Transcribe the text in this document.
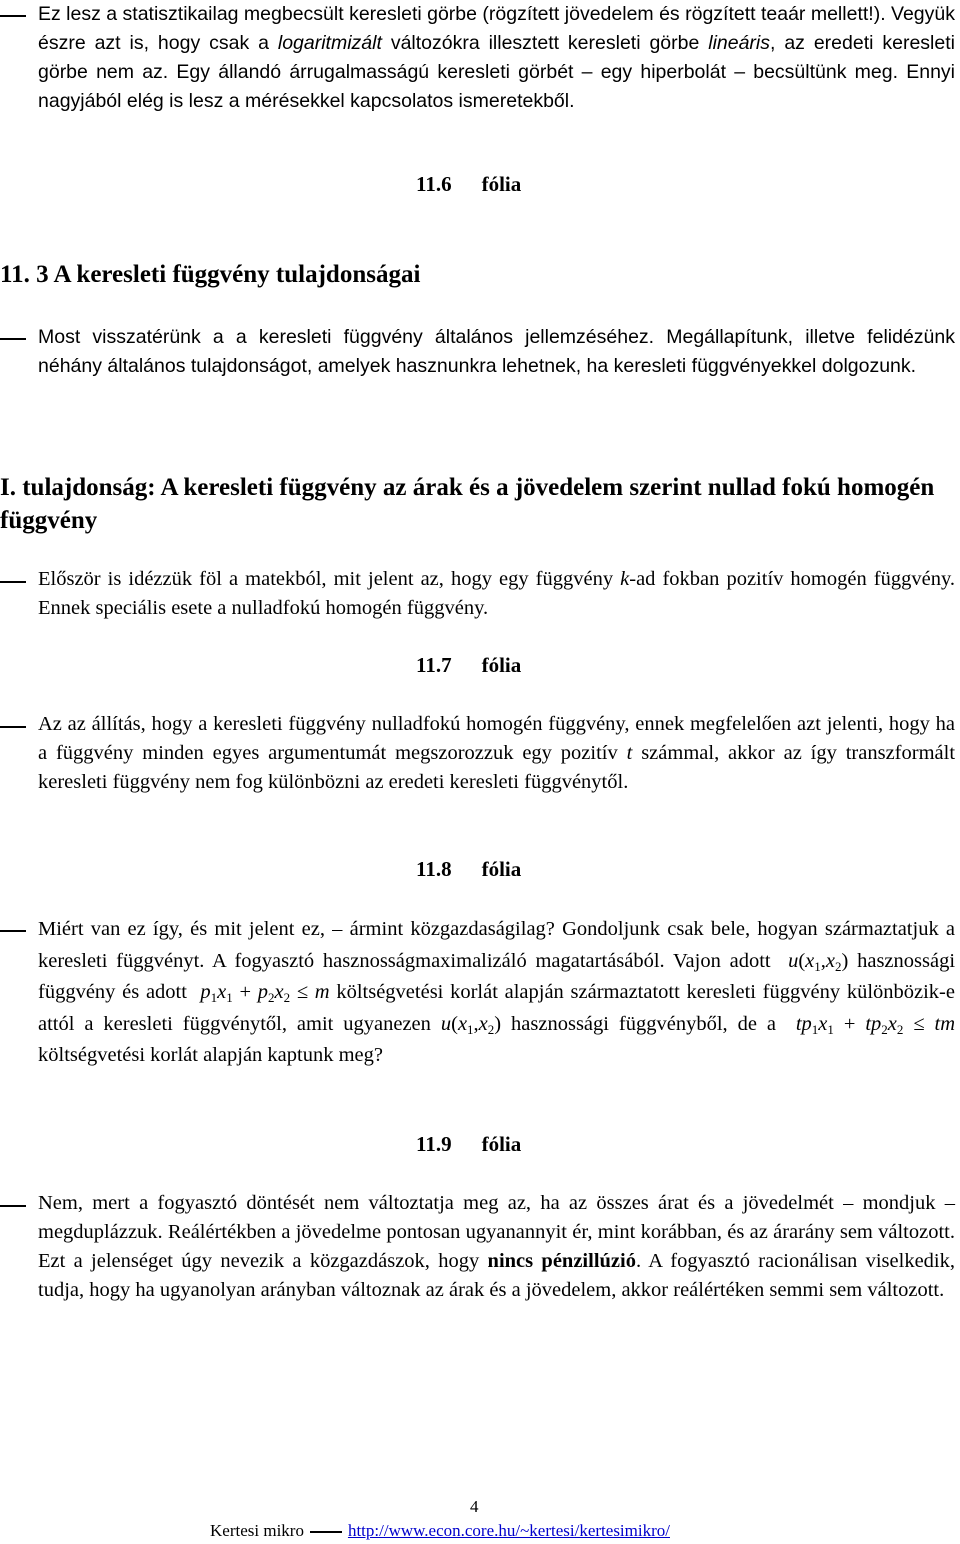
Ez lesz a statisztikailag megbecsült keresleti görbe (rögzített jövedelem és rögzített teaár mellett!). Vegyük észre azt is, hogy csak a logaritmizált változókra illesztett keresleti görbe lineáris, az eredeti keresleti görbe nem az. Egy állandó árrugalmasságú keresleti görbét – egy hiperbolát – becsültünk meg. Ennyi nagyjából elég is lesz a mérésekkel kapcsolatos ismeretekből.
11.6 fólia
11. 3 A keresleti függvény tulajdonságai
Most visszatérünk a a keresleti függvény általános jellemzéséhez. Megállapítunk, illetve felidézünk néhány általános tulajdonságot, amelyek hasznunkra lehetnek, ha keresleti függvényekkel dolgozunk.
I. tulajdonság: A keresleti függvény az árak és a jövedelem szerint nullad fokú homogén függvény
Először is idézzük föl a matekból, mit jelent az, hogy egy függvény k-ad fokban pozitív homogén függvény. Ennek speciális esete a nulladfokú homogén függvény.
11.7 fólia
Az az állítás, hogy a keresleti függvény nulladfokú homogén függvény, ennek megfelelően azt jelenti, hogy ha a függvény minden egyes argumentumát megszorozzuk egy pozitív t számmal, akkor az így transzformált keresleti függvény nem fog különbözni az eredeti keresleti függvénytől.
11.8 fólia
Miért van ez így, és mit jelent ez, – ármint közgazdaságilag? Gondoljunk csak bele, hogyan származtatjuk a keresleti függvényt. A fogyasztó hasznosságmaximalizáló magatartásából. Vajon adott $u(x_1,x_2)$ hasznossági függvény és adott $p_1x_1 + p_2x_2 \le m$ költségvetési korlát alapján származtatott keresleti függvény különbözik-e attól a keresleti függvénytől, amit ugyanezen $u(x_1,x_2)$ hasznossági függvényből, de a $tp_1x_1 + tp_2x_2$ ≤ tm költségvetési korlát alapján kaptunk meg?
11.9 fólia
Nem, mert a fogyasztó döntését nem változtatja meg az, ha az összes árat és a jövedelmét – mondjuk – megduplázzuk. Reálértékben a jövedelme pontosan ugyanannyit ér, mint korábban, és az árarány sem változott. Ezt a jelenséget úgy nevezik a közgazdászok, hogy nincs pénzillúzió. A fogyasztó racionálisan viselkedik, tudja, hogy ha ugyanolyan arányban változnak az árak és a jövedelem, akkor reálértéken semmi sem változott.
4
Kertesi mikro	http://www.econ.core.hu/~kertesi/kertesimikro/
